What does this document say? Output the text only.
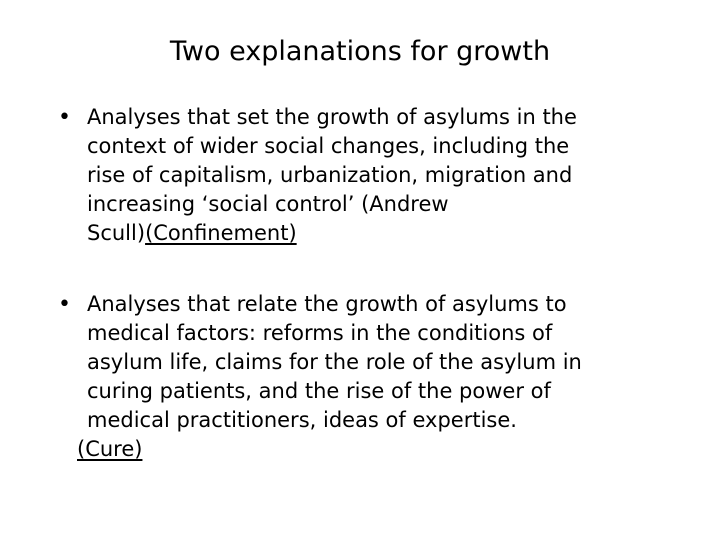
Two explanations for growth
• Analyses that set the growth of asylums in the
context of wider social changes, including the
rise of capitalism, urbanization, migration and
increasing ‘social control’ (Andrew
Scull)(Confinement)
• Analyses that relate the growth of asylums to
medical factors: reforms in the conditions of
asylum life, claims for the role of the asylum in
curing patients, and the rise of the power of
medical practitioners, ideas of expertise.
(Cure)
